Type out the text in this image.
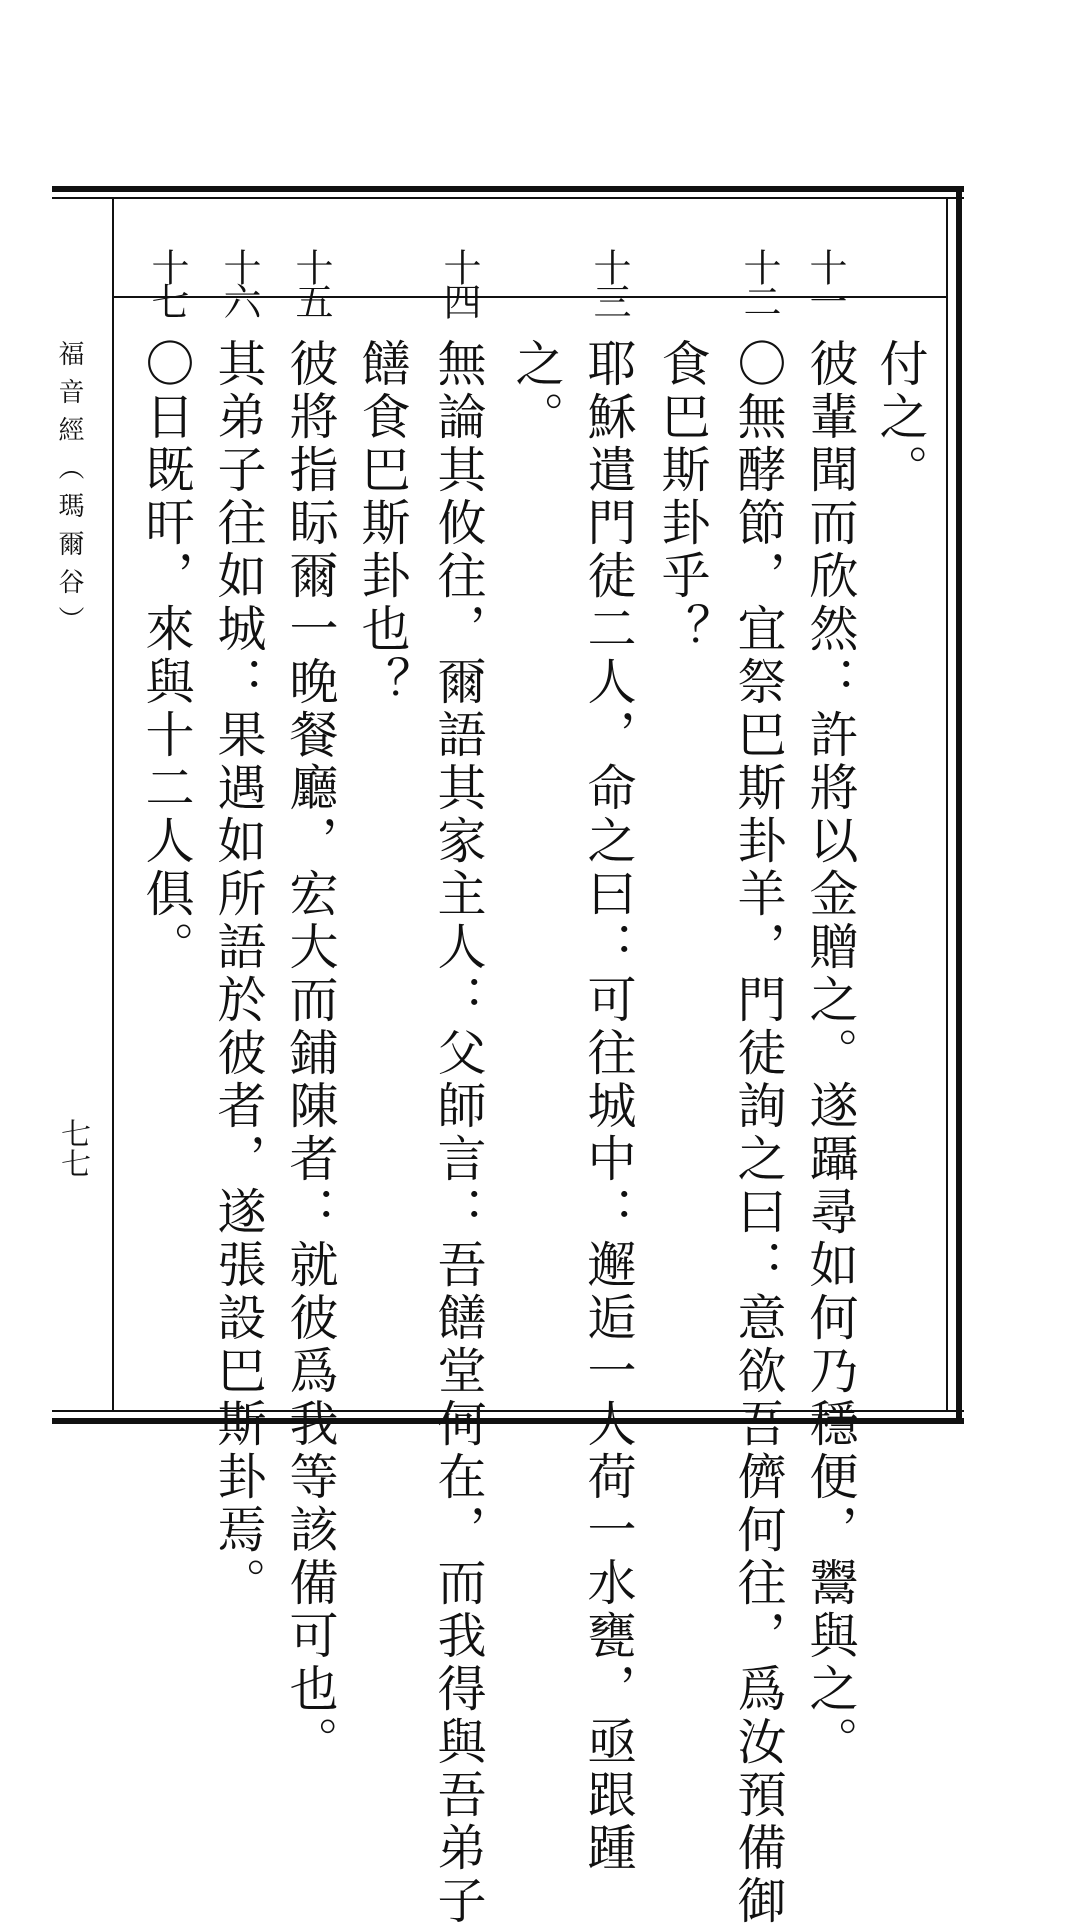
福音經（瑪爾谷）
七七
十一
十二
十三
十四
十五
十六
十七
付之。
彼輩聞而欣然：許將以金贈之。遂躡尋如何乃穩便，鬻與之。
〇無酵節，宜祭巴斯卦羊，門徒詢之曰：意欲吾儕何往，爲汝預備御
食巴斯卦乎？
耶穌遣門徒二人，命之曰：可往城中：邂逅一人荷一水甕，亟跟踵
之。
無論其攸往，爾語其家主人：父師言：吾饍堂何在，而我得與吾弟子
饍食巴斯卦也？
彼將指眎爾一晚餐廳，宏大而鋪陳者：就彼爲我等該備可也。
其弟子往如城：果遇如所語於彼者，遂張設巴斯卦焉。
〇日既旰，來與十二人俱。
